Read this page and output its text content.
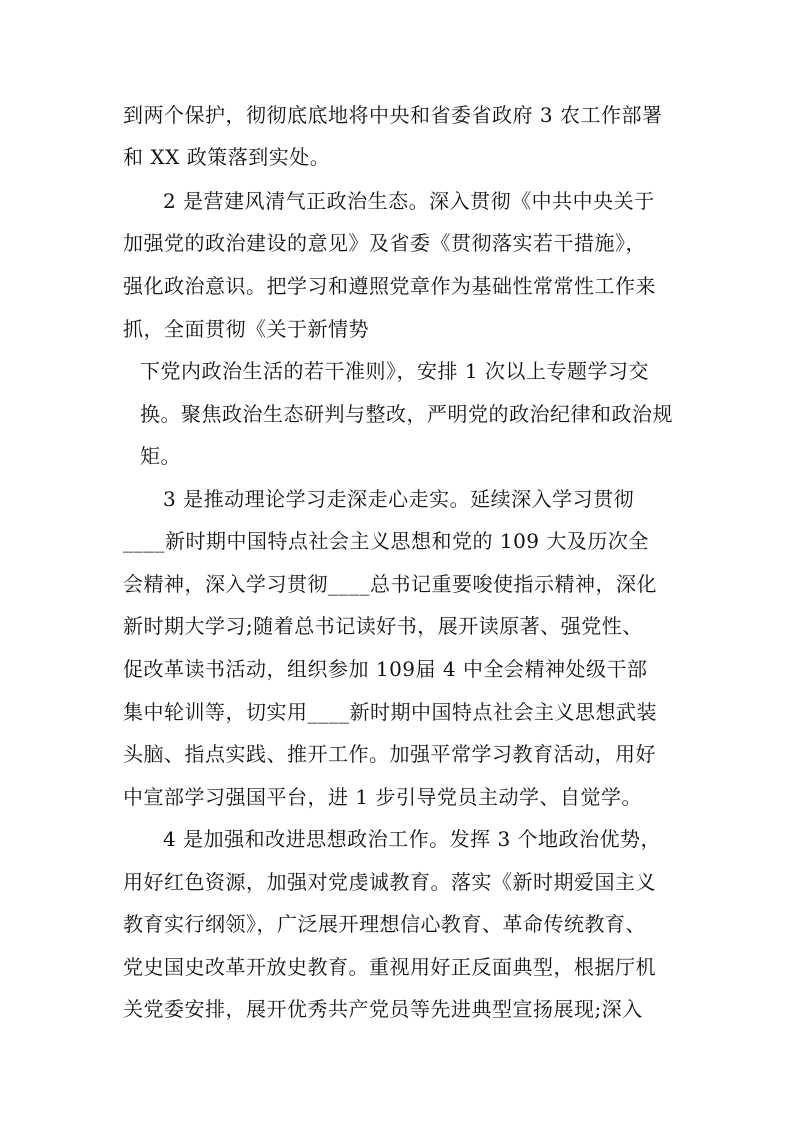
到两个保护，彻彻底底地将中央和省委省政府 3 农工作部署
和 XX 政策落到实处。
2 是营建风清气正政治生态。深入贯彻《中共中央关于
加强党的政治建设的意见》及省委《贯彻落实若干措施》，
强化政治意识。把学习和遵照党章作为基础性常常性工作来
抓，全面贯彻《关于新情势
下党内政治生活的若干准则》，安排 1 次以上专题学习交
换。聚焦政治生态研判与整改，严明党的政治纪律和政治规
矩。
3 是推动理论学习走深走心走实。延续深入学习贯彻
____新时期中国特点社会主义思想和党的 109 大及历次全
会精神，深入学习贯彻____总书记重要唆使指示精神，深化
新时期大学习;随着总书记读好书，展开读原著、强党性、
促改革读书活动，组织参加 109届 4 中全会精神处级干部
集中轮训等，切实用____新时期中国特点社会主义思想武装
头脑、指点实践、推开工作。加强平常学习教育活动，用好
中宣部学习强国平台，进 1 步引导党员主动学、自觉学。
4 是加强和改进思想政治工作。发挥 3 个地政治优势，
用好红色资源，加强对党虔诚教育。落实《新时期爱国主义
教育实行纲领》，广泛展开理想信心教育、革命传统教育、
党史国史改革开放史教育。重视用好正反面典型，根据厅机
关党委安排，展开优秀共产党员等先进典型宣扬展现;深入
